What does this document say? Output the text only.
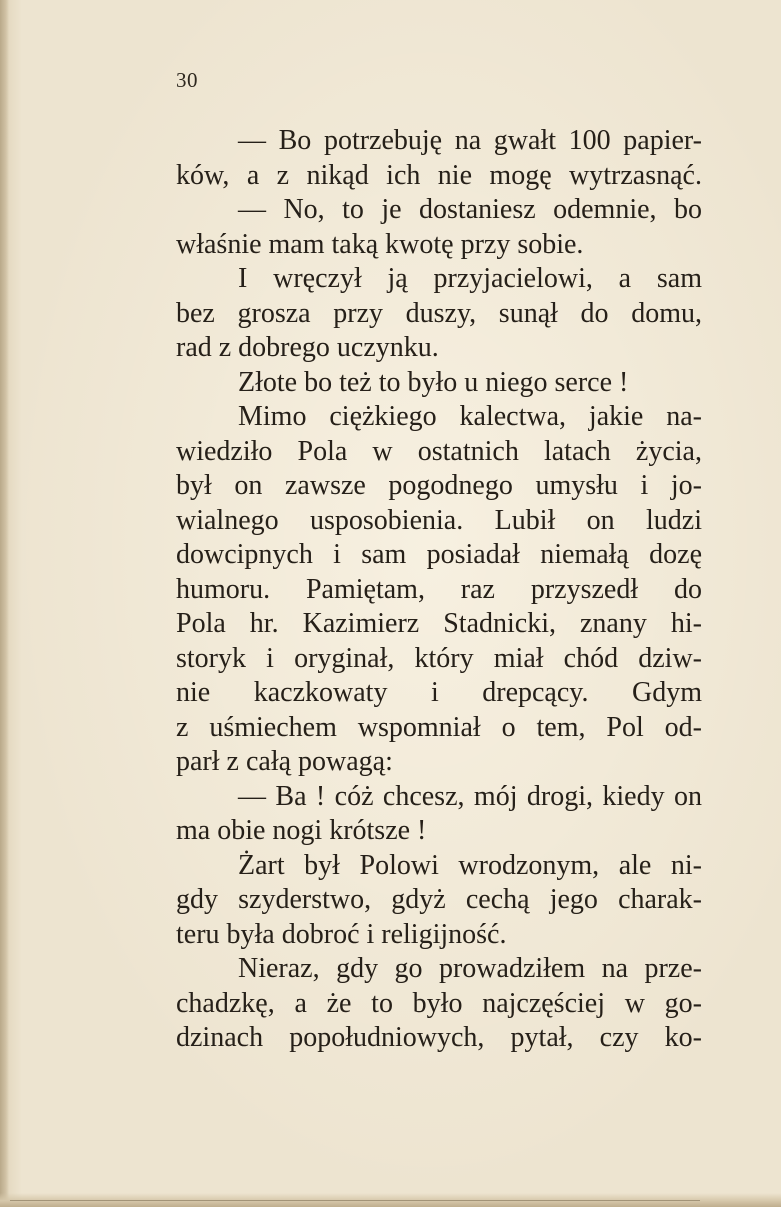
30
— Bo potrzebuję na gwałt 100 papier-
ków, a z nikąd ich nie mogę wytrzasnąć.
— No, to je dostaniesz odemnie, bo
właśnie mam taką kwotę przy sobie.
I wręczył ją przyjacielowi, a sam
bez grosza przy duszy, sunął do domu,
rad z dobrego uczynku.
Złote bo też to było u niego serce !
Mimo ciężkiego kalectwa, jakie na-
wiedziło Pola w ostatnich latach życia,
był on zawsze pogodnego umysłu i jo-
wialnego usposobienia. Lubił on ludzi
dowcipnych i sam posiadał niemałą dozę
humoru. Pamiętam, raz przyszedł do
Pola hr. Kazimierz Stadnicki, znany hi-
storyk i oryginał, który miał chód dziw-
nie kaczkowaty i drepcący. Gdym
z uśmiechem wspomniał o tem, Pol od-
parł z całą powagą:
— Ba ! cóż chcesz, mój drogi, kiedy on
ma obie nogi krótsze !
Żart był Polowi wrodzonym, ale ni-
gdy szyderstwo, gdyż cechą jego charak-
teru była dobroć i religijność.
Nieraz, gdy go prowadziłem na prze-
chadzkę, a że to było najczęściej w go-
dzinach popołudniowych, pytał, czy ko-
